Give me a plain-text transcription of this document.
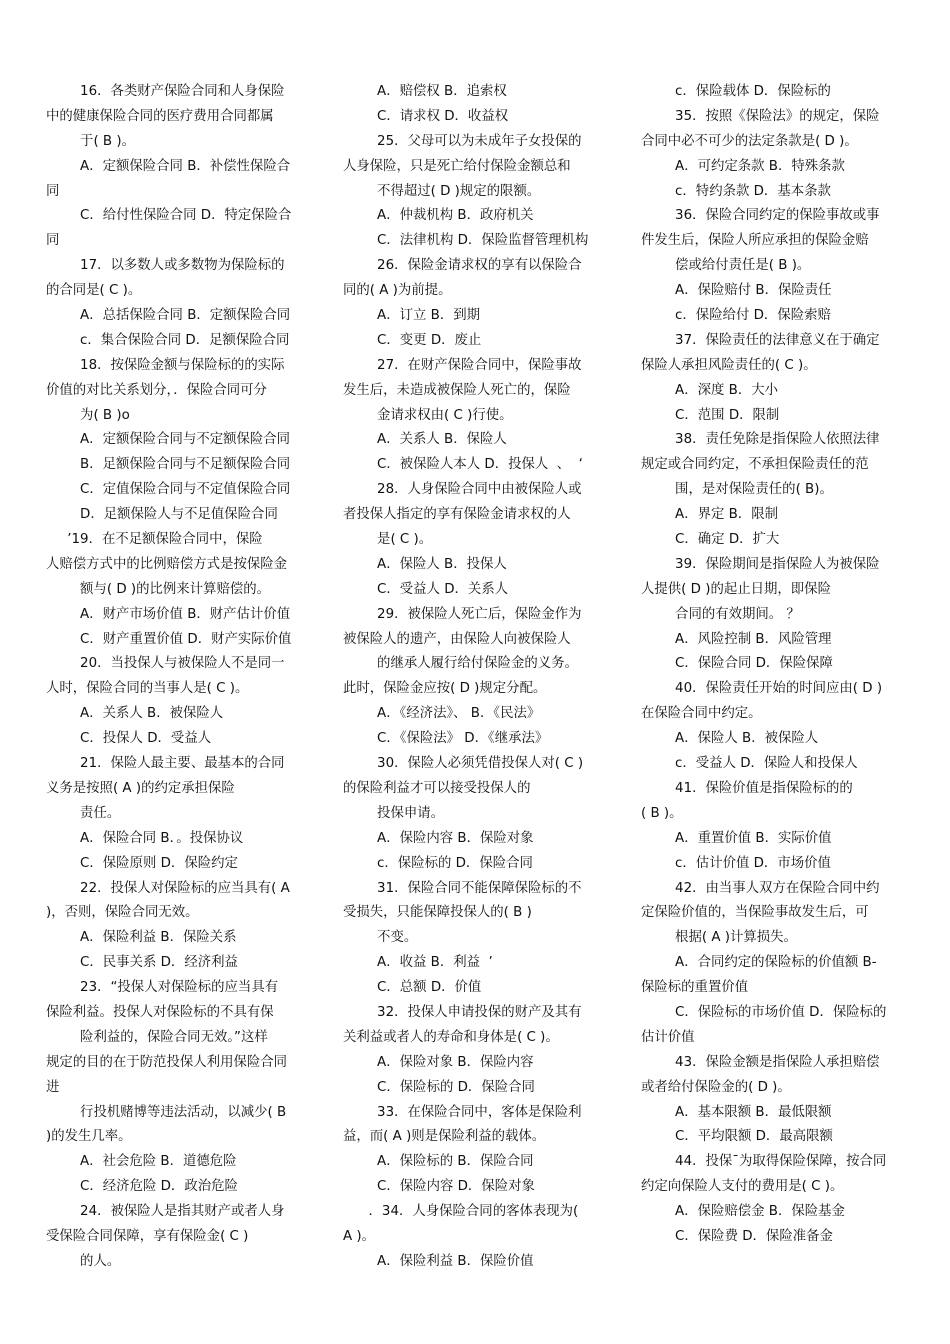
16．各类财产保险合同和人身保险
中的健康保险合同的医疗费用合同都属
于( B )。
A．定额保险合同 B．补偿性保险合
同
C．给付性保险合同 D．特定保险合
同
17．以多数人或多数物为保险标的
的合同是( C )。
A．总括保险合同 B．定额保险合同
c．集合保险合同 D．足额保险合同
18．按保险金额与保险标的的实际
价值的对比关系划分，．保险合同可分
为( B )o
A．定额保险合同与不定额保险合同
B．足额保险合同与不足额保险合同
C．定值保险合同与不定值保险合同
D．足额保险人与不足值保险合同
’19．在不足额保险合同中，保险
人赔偿方式中的比例赔偿方式是按保险金
额与( D )的比例来计算赔偿的。
A．财产市场价值 B．财产估计价值
C．财产重置价值 D．财产实际价值
20．当投保人与被保险人不是同一
人时，保险合同的当事人是( C )。
A．关系人 B．被保险人
C．投保人 D．受益人
21．保险人最主要、最基本的合同
义务是按照( A )的约定承担保险
责任。
A．保险合同 B．。投保协议
C．保险原则 D．保险约定
22．投保人对保险标的应当具有( A
)，否则，保险合同无效。
A．保险利益 B．保险关系
C．民事关系 D．经济利益
23．“投保人对保险标的应当具有
保险利益。投保人对保险标的不具有保
险利益的，保险合同无效。”这样
规定的目的在于防范投保人利用保险合同
进
行投机赌博等违法活动，以减少( B
)的发生几率。
A．社会危险 B．道德危险
C．经济危险 D．政治危险
24．被保险人是指其财产或者人身
受保险合同保障，享有保险金( C )
的人。
A．赔偿权 B．追索权
C．请求权 D．收益权
25．父母可以为未成年子女投保的
人身保险，只是死亡给付保险金额总和
不得超过( D )规定的限额。
A．仲裁机构 B．政府机关
C．法律机构 D．保险监督管理机构
26．保险金请求权的享有以保险合
同的( A )为前提。
A．订立 B．到期
C．变更 D．废止
27．在财产保险合同中，保险事故
发生后，未造成被保险人死亡的，保险
金请求权由( C )行使。
A．关系人 B．保险人
C．被保险人本人 D．投保人  、  ‘
28．人身保险合同中由被保险人或
者投保人指定的享有保险金请求权的人
是( C )。
A．保险人 B．投保人
C．受益人 D．关系人
29．被保险人死亡后，保险金作为
被保险人的遗产，由保险人向被保险人
的继承人履行给付保险金的义务。
此时，保险金应按( D )规定分配。
A．《经济法》、 B．《民法》
C．《保险法》 D．《继承法》
30．保险人必须凭借投保人对( C )
的保险利益才可以接受投保人的
投保申请。
A．保险内容 B．保险对象
c．保险标的 D．保险合同
31．保险合同不能保障保险标的不
受损失，只能保障投保人的( B )
不变。
A．收益 B．利益  ’
C．总额 D．价值
32．投保人申请投保的财产及其有
关利益或者人的寿命和身体是( C )。
A．保险对象 B．保险内容
C．保险标的 D．保险合同
33．在保险合同中，客体是保险利
益，而( A )则是保险利益的载体。
A．保险标的 B．保险合同
C．保险内容 D．保险对象
．34．人身保险合同的客体表现为(
A )。
A．保险利益 B．保险价值
c．保险载体 D．保险标的
35．按照《保险法》的规定，保险
合同中必不可少的法定条款是( D )。
A．可约定条款 B．特殊条款
c．特约条款 D．基本条款
36．保险合同约定的保险事故或事
件发生后，保险人所应承担的保险金赔
偿或给付责任是( B )。
A．保险赔付 B．保险责任
c．保险给付 D．保险索赔
37．保险责任的法律意义在于确定
保险人承担风险责任的( C )。
A．深度 B．大小
C．范围 D．限制
38．责任免除是指保险人依照法律
规定或合同约定，不承担保险责任的范
围，是对保险责任的( B)。
A．界定 B．限制
C．确定 D．扩大
39．保险期间是指保险人为被保险
人提供( D )的起止日期，即保险
合同的有效期间。 ？
A．风险控制 B．风险管理
C．保险合同 D．保险保障
40．保险责任开始的时间应由( D )
在保险合同中约定。
A．保险人 B．被保险人
c．受益人 D．保险人和投保人
41．保险价值是指保险标的的
( B )。
A．重置价值 B．实际价值
c．估计价值 D．市场价值
42．由当事人双方在保险合同中约
定保险价值的，当保险事故发生后，可
根据( A )计算损失。
A．合同约定的保险标的价值额 B-
保险标的重置价值
C．保险标的市场价值 D．保险标的
估计价值
43．保险金额是指保险人承担赔偿
或者给付保险金的( D )。
A．基本限额 B．最低限额
C．平均限额 D．最高限额
44．投保ˉ为取得保险保障，按合同
约定向保险人支付的费用是( C )。
A．保险赔偿金 B．保险基金
C．保险费 D．保险准备金
